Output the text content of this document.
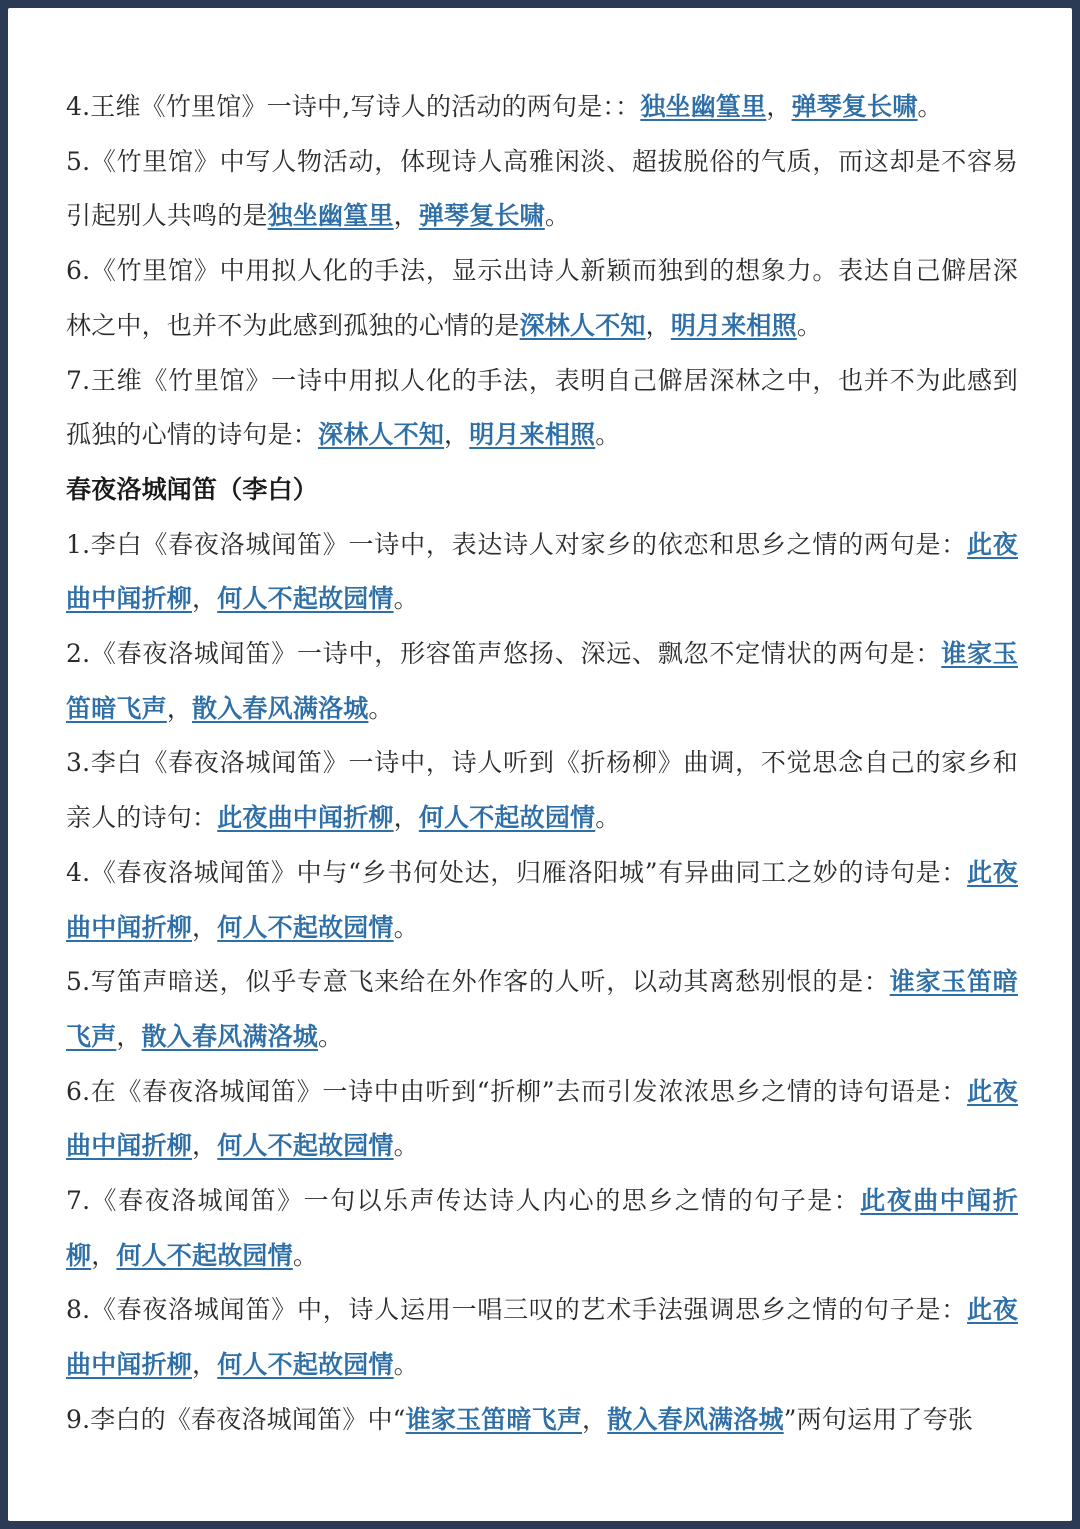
4.王维《竹里馆》一诗中,写诗人的活动的两句是：：独坐幽篁里，弹琴复长啸。

5.《竹里馆》中写人物活动，体现诗人高雅闲淡、超拔脱俗的气质，而这却是不容易引起别人共鸣的是独坐幽篁里，弹琴复长啸。

6.《竹里馆》中用拟人化的手法，显示出诗人新颖而独到的想象力。表达自己僻居深林之中，也并不为此感到孤独的心情的是深林人不知，明月来相照。

7.王维《竹里馆》一诗中用拟人化的手法，表明自己僻居深林之中，也并不为此感到孤独的心情的诗句是：深林人不知，明月来相照。

春夜洛城闻笛（李白）

1.李白《春夜洛城闻笛》一诗中，表达诗人对家乡的依恋和思乡之情的两句是：此夜曲中闻折柳，何人不起故园情。

2.《春夜洛城闻笛》一诗中，形容笛声悠扬、深远、飘忽不定情状的两句是：谁家玉笛暗飞声，散入春风满洛城。

3.李白《春夜洛城闻笛》一诗中，诗人听到《折杨柳》曲调，不觉思念自己的家乡和亲人的诗句：此夜曲中闻折柳，何人不起故园情。

4.《春夜洛城闻笛》中与“乡书何处达，归雁洛阳城”有异曲同工之妙的诗句是：此夜曲中闻折柳，何人不起故园情。

5.写笛声暗送，似乎专意飞来给在外作客的人听，以动其离愁别恨的是：谁家玉笛暗飞声，散入春风满洛城。

6.在《春夜洛城闻笛》一诗中由听到“折柳”去而引发浓浓思乡之情的诗句语是：此夜曲中闻折柳，何人不起故园情。

7.《春夜洛城闻笛》一句以乐声传达诗人内心的思乡之情的句子是：此夜曲中闻折柳，何人不起故园情。

8.《春夜洛城闻笛》中，诗人运用一唱三叹的艺术手法强调思乡之情的句子是：此夜曲中闻折柳，何人不起故园情。

9.李白的《春夜洛城闻笛》中“谁家玉笛暗飞声，散入春风满洛城”两句运用了夸张
